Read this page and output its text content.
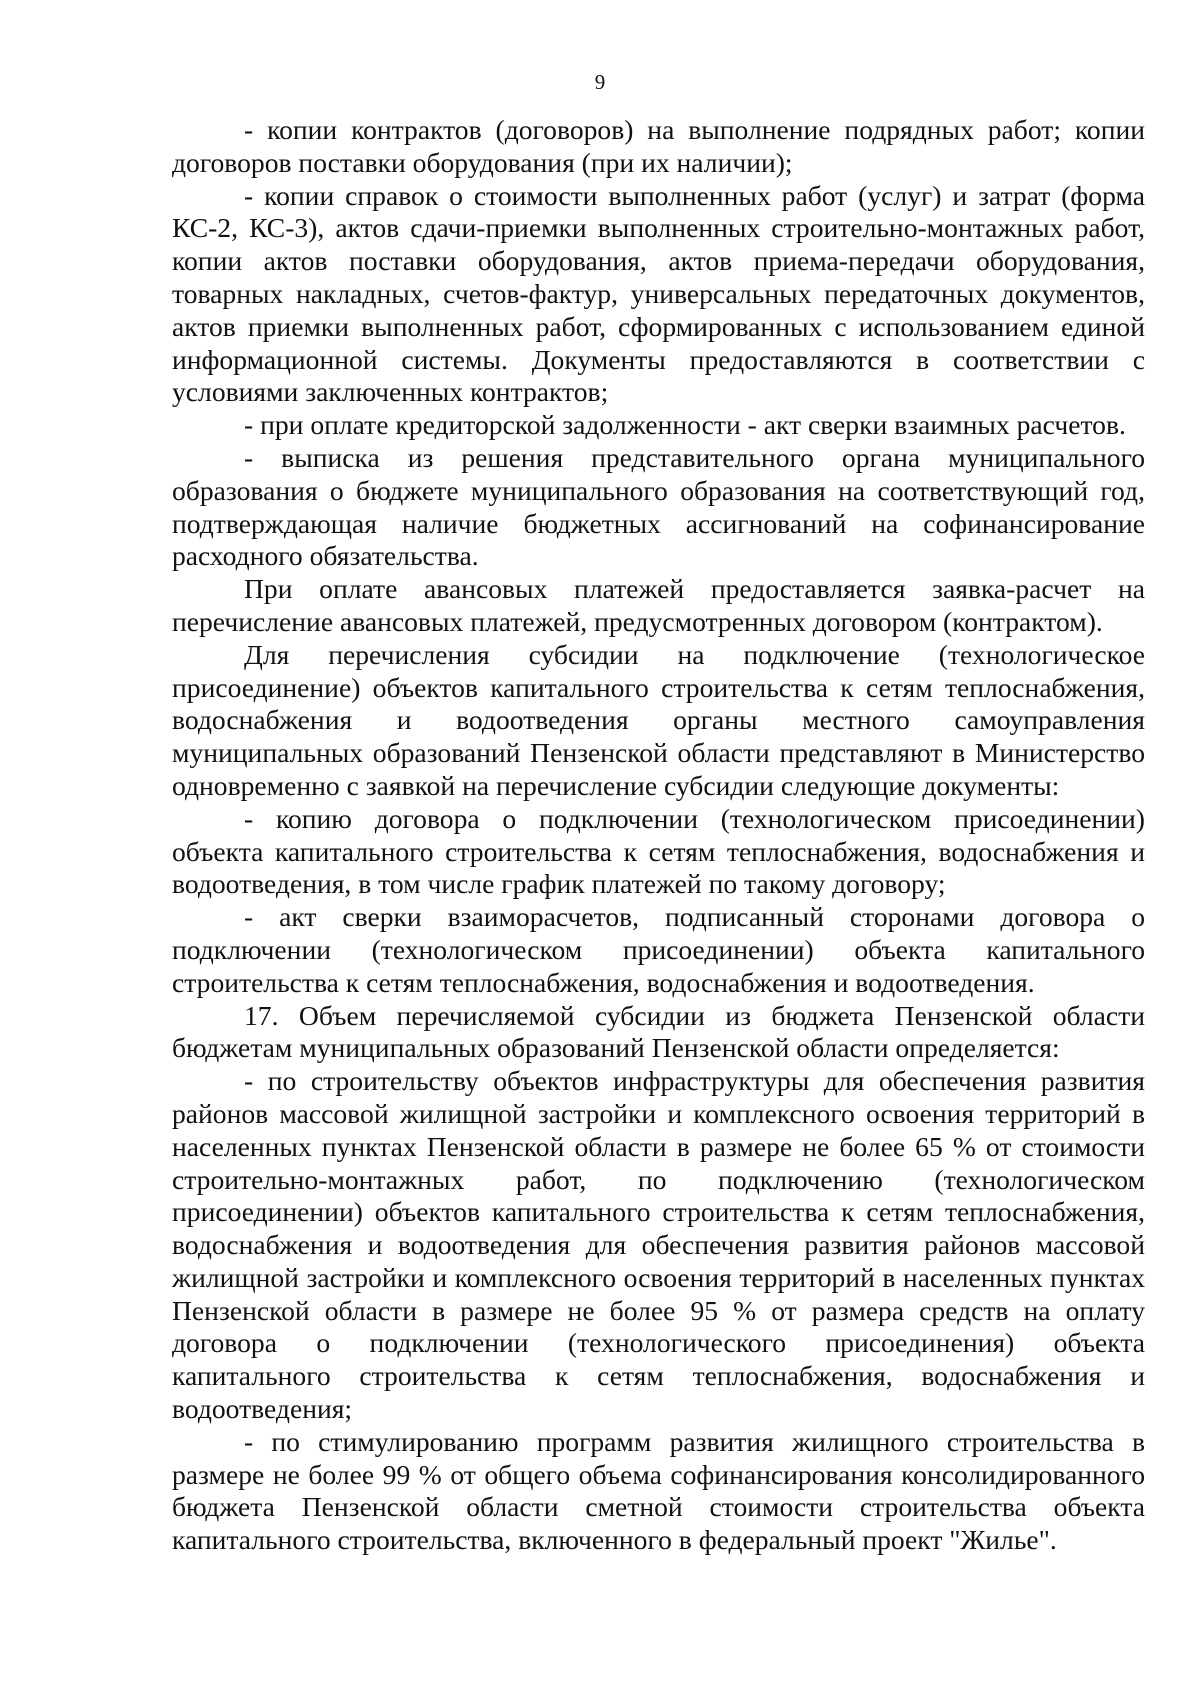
9

- копии контрактов (договоров) на выполнение подрядных работ; копии договоров поставки оборудования (при их наличии);

- копии справок о стоимости выполненных работ (услуг) и затрат (форма КС-2, КС-3), актов сдачи-приемки выполненных строительно-монтажных работ, копии актов поставки оборудования, актов приема-передачи оборудования, товарных накладных, счетов-фактур, универсальных передаточных документов, актов приемки выполненных работ, сформированных с использованием единой информационной системы. Документы предоставляются в соответствии с условиями заключенных контрактов;

- при оплате кредиторской задолженности - акт сверки взаимных расчетов.

- выписка из решения представительного органа муниципального образования о бюджете муниципального образования на соответствующий год, подтверждающая наличие бюджетных ассигнований на софинансирование расходного обязательства.

При оплате авансовых платежей предоставляется заявка-расчет на перечисление авансовых платежей, предусмотренных договором (контрактом).

Для перечисления субсидии на подключение (технологическое присоединение) объектов капитального строительства к сетям теплоснабжения, водоснабжения и водоотведения органы местного самоуправления муниципальных образований Пензенской области представляют в Министерство одновременно с заявкой на перечисление субсидии следующие документы:

- копию договора о подключении (технологическом присоединении) объекта капитального строительства к сетям теплоснабжения, водоснабжения и водоотведения, в том числе график платежей по такому договору;

- акт сверки взаиморасчетов, подписанный сторонами договора о подключении (технологическом присоединении) объекта капитального строительства к сетям теплоснабжения, водоснабжения и водоотведения.

17. Объем перечисляемой субсидии из бюджета Пензенской области бюджетам муниципальных образований Пензенской области определяется:

- по строительству объектов инфраструктуры для обеспечения развития районов массовой жилищной застройки и комплексного освоения территорий в населенных пунктах Пензенской области в размере не более 65 % от стоимости строительно-монтажных работ, по подключению (технологическом присоединении) объектов капитального строительства к сетям теплоснабжения, водоснабжения и водоотведения для обеспечения развития районов массовой жилищной застройки и комплексного освоения территорий в населенных пунктах Пензенской области в размере не более 95 % от размера средств на оплату договора о подключении (технологического присоединения) объекта капитального строительства к сетям теплоснабжения, водоснабжения и водоотведения;

- по стимулированию программ развития жилищного строительства в размере не более 99 % от общего объема софинансирования консолидированного бюджета Пензенской области сметной стоимости строительства объекта капитального строительства, включенного в федеральный проект "Жилье".
